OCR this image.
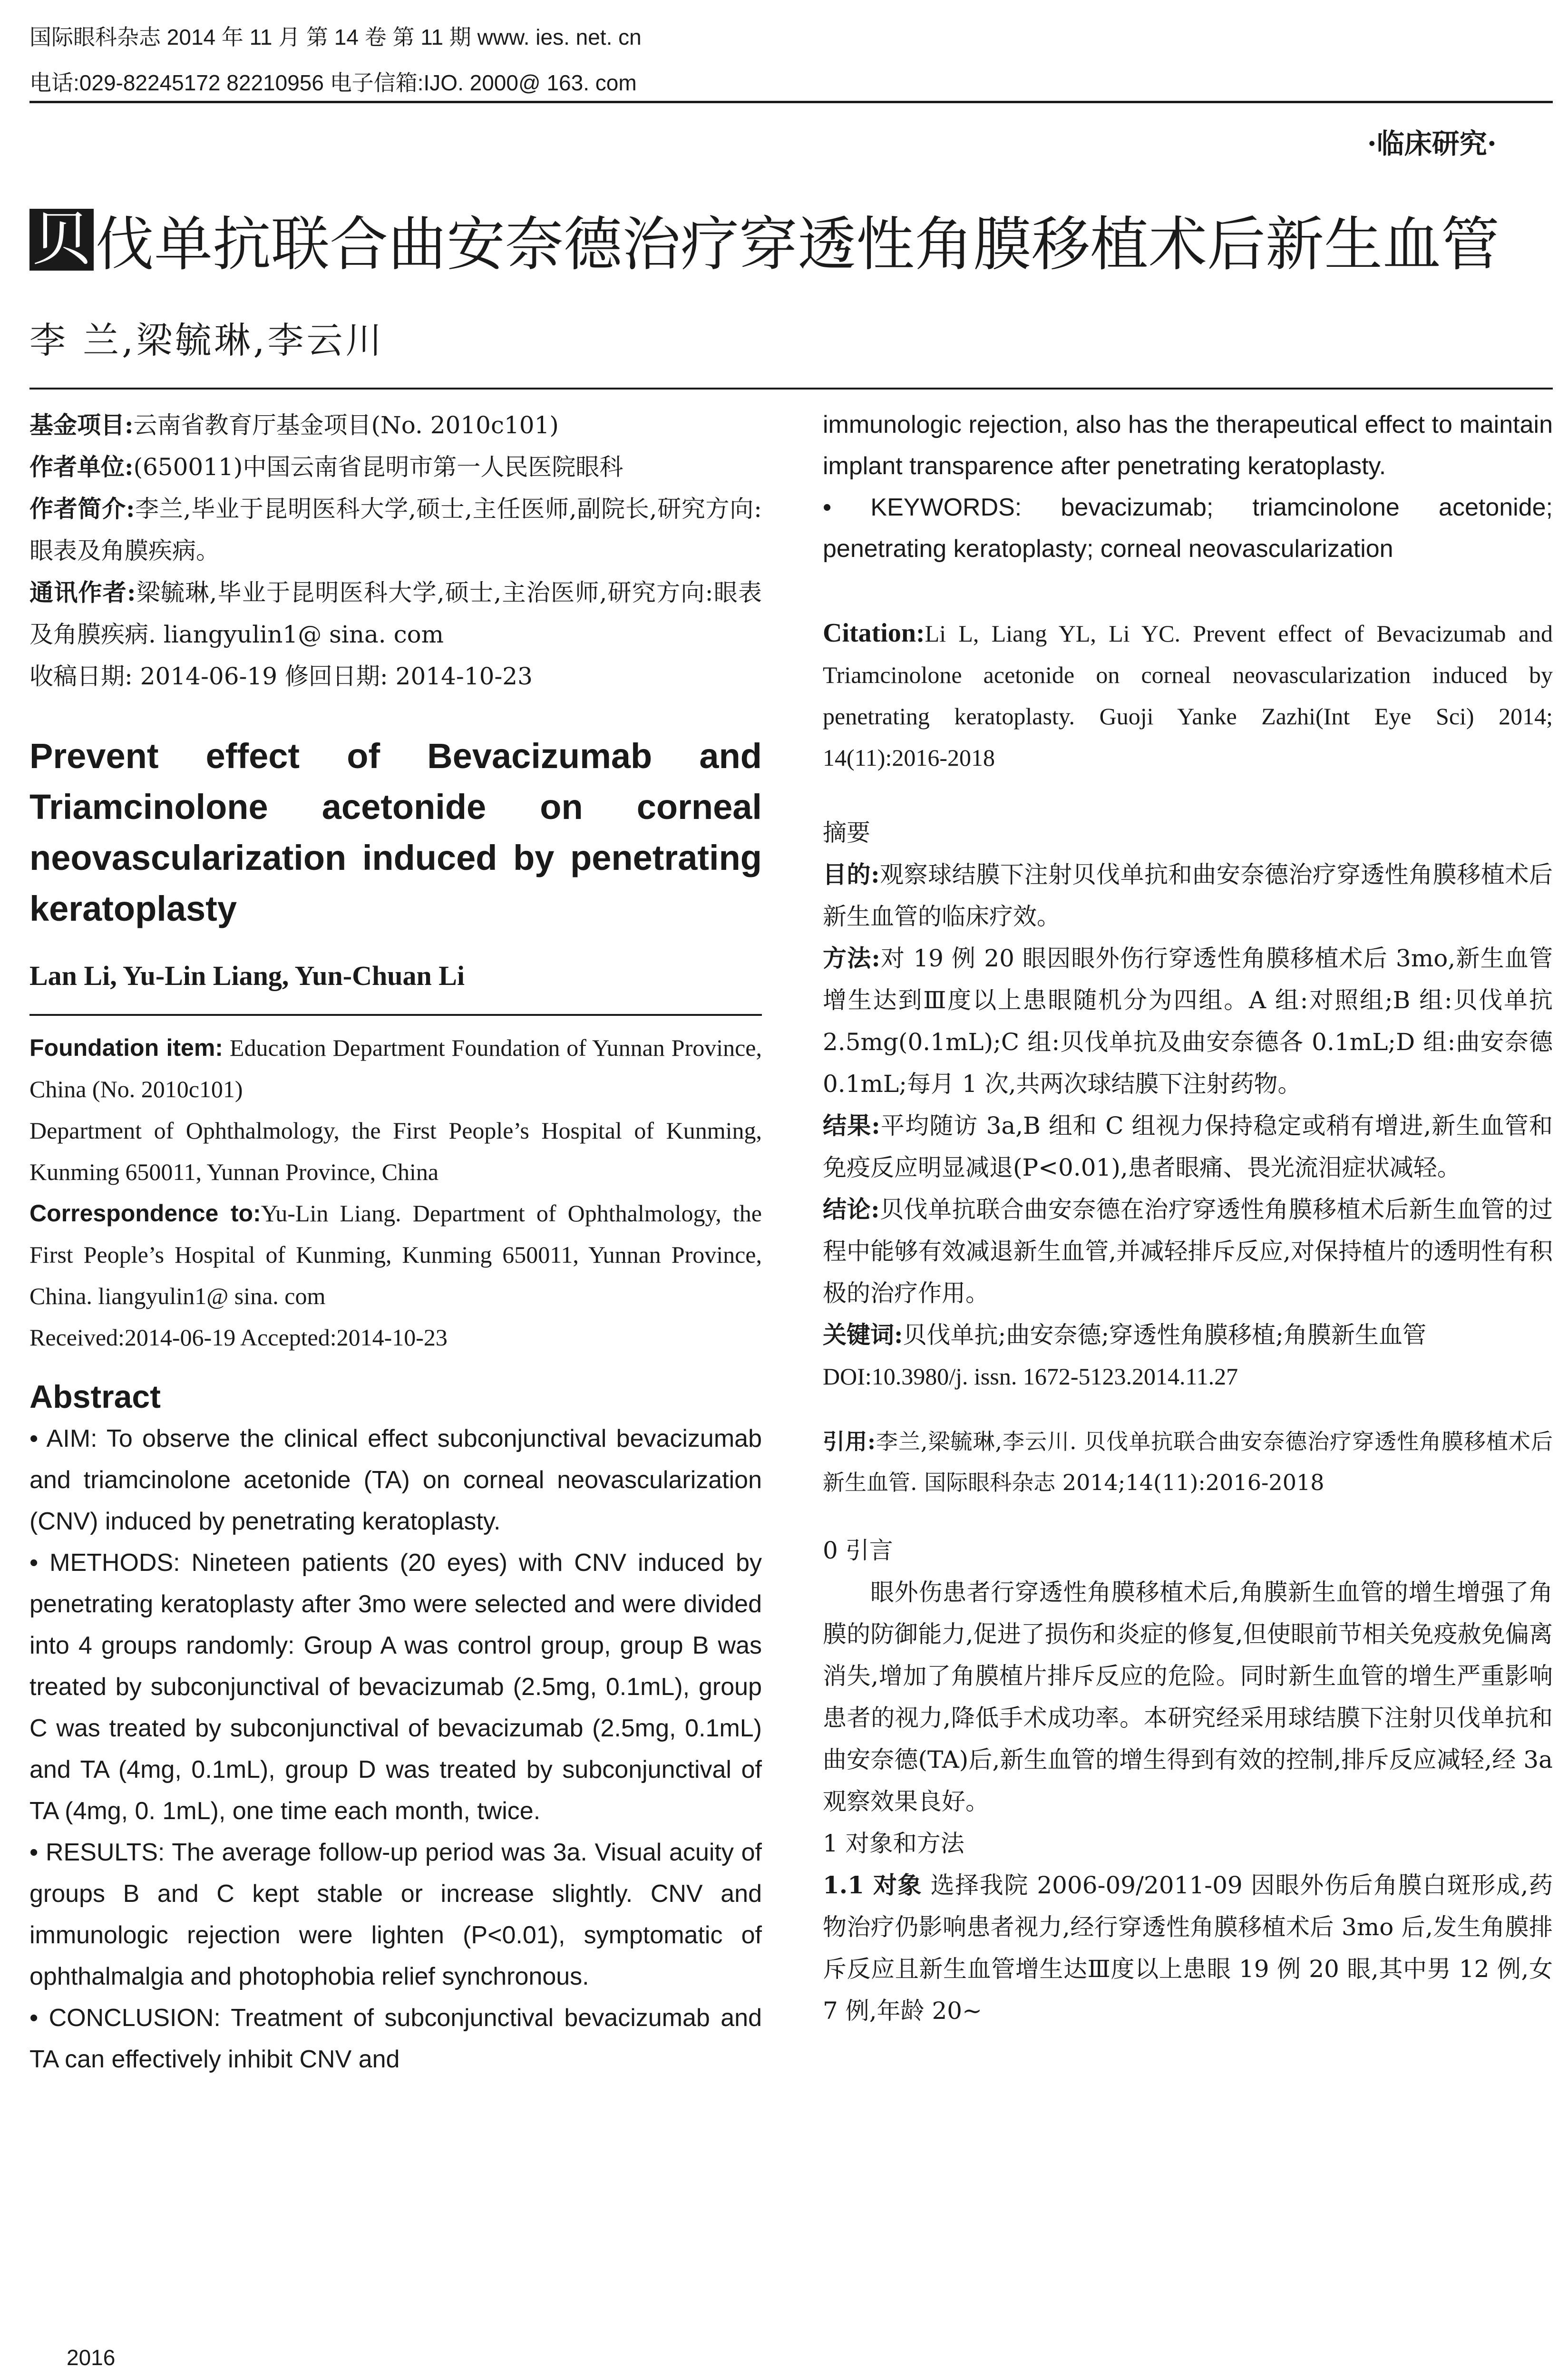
国际眼科杂志 2014 年 11 月 第 14 卷 第 11 期 www. ies. net. cn
电话:029-82245172 82210956 电子信箱:IJO. 2000@ 163. com
·临床研究·
贝 伐单抗联合曲安奈德治疗穿透性角膜移植术后新生血管
李 兰,梁毓琳,李云川

基金项目:云南省教育厅基金项目(No. 2010c101)

作者单位:(650011)中国云南省昆明市第一人民医院眼科

作者简介:李兰,毕业于昆明医科大学,硕士,主任医师,副院长,研究方向:眼表及角膜疾病。

通讯作者:梁毓琳,毕业于昆明医科大学,硕士,主治医师,研究方向:眼表及角膜疾病. liangyulin1@ sina. com

收稿日期: 2014-06-19 修回日期: 2014-10-23

Prevent effect of Bevacizumab and Triamcinolone acetonide on corneal neovascularization induced by penetrating keratoplasty

Lan Li, Yu-Lin Liang, Yun-Chuan Li

Foundation item: Education Department Foundation of Yunnan Province, China (No. 2010c101)

Department of Ophthalmology, the First People’s Hospital of Kunming, Kunming 650011, Yunnan Province, China

Correspondence to:Yu-Lin Liang. Department of Ophthalmology, the First People’s Hospital of Kunming, Kunming 650011, Yunnan Province, China. liangyulin1@ sina. com

Received:2014-06-19 Accepted:2014-10-23

Abstract

• AIM: To observe the clinical effect subconjunctival bevacizumab and triamcinolone acetonide (TA) on corneal neovascularization (CNV) induced by penetrating keratoplasty.

• METHODS: Nineteen patients (20 eyes) with CNV induced by penetrating keratoplasty after 3mo were selected and were divided into 4 groups randomly: Group A was control group, group B was treated by subconjunctival of bevacizumab (2.5mg, 0.1mL), group C was treated by subconjunctival of bevacizumab (2.5mg, 0.1mL) and TA (4mg, 0.1mL), group D was treated by subconjunctival of TA (4mg, 0. 1mL), one time each month, twice.

• RESULTS: The average follow-up period was 3a. Visual acuity of groups B and C kept stable or increase slightly. CNV and immunologic rejection were lighten (P<0.01), symptomatic of ophthalmalgia and photophobia relief synchronous.

• CONCLUSION: Treatment of subconjunctival bevacizumab and TA can effectively inhibit CNV and

immunologic rejection, also has the therapeutical effect to maintain implant transparence after penetrating keratoplasty.

• KEYWORDS: bevacizumab; triamcinolone acetonide; penetrating keratoplasty; corneal neovascularization

Citation:Li L, Liang YL, Li YC. Prevent effect of Bevacizumab and Triamcinolone acetonide on corneal neovascularization induced by penetrating keratoplasty. Guoji Yanke Zazhi(Int Eye Sci) 2014; 14(11):2016-2018

摘要

目的:观察球结膜下注射贝伐单抗和曲安奈德治疗穿透性角膜移植术后新生血管的临床疗效。

方法:对 19 例 20 眼因眼外伤行穿透性角膜移植术后 3mo,新生血管增生达到Ⅲ度以上患眼随机分为四组。A 组:对照组;B 组:贝伐单抗 2.5mg(0.1mL);C 组:贝伐单抗及曲安奈德各 0.1mL;D 组:曲安奈德 0.1mL;每月 1 次,共两次球结膜下注射药物。

结果:平均随访 3a,B 组和 C 组视力保持稳定或稍有增进,新生血管和免疫反应明显减退(P<0.01),患者眼痛、畏光流泪症状减轻。

结论:贝伐单抗联合曲安奈德在治疗穿透性角膜移植术后新生血管的过程中能够有效减退新生血管,并减轻排斥反应,对保持植片的透明性有积极的治疗作用。

关键词:贝伐单抗;曲安奈德;穿透性角膜移植;角膜新生血管

DOI:10.3980/j. issn. 1672-5123.2014.11.27

引用:李兰,梁毓琳,李云川. 贝伐单抗联合曲安奈德治疗穿透性角膜移植术后新生血管. 国际眼科杂志 2014;14(11):2016-2018

0 引言

眼外伤患者行穿透性角膜移植术后,角膜新生血管的增生增强了角膜的防御能力,促进了损伤和炎症的修复,但使眼前节相关免疫赦免偏离消失,增加了角膜植片排斥反应的危险。同时新生血管的增生严重影响患者的视力,降低手术成功率。本研究经采用球结膜下注射贝伐单抗和曲安奈德(TA)后,新生血管的增生得到有效的控制,排斥反应减轻,经 3a 观察效果良好。

1 对象和方法

1.1 对象 选择我院 2006-09/2011-09 因眼外伤后角膜白斑形成,药物治疗仍影响患者视力,经行穿透性角膜移植术后 3mo 后,发生角膜排斥反应且新生血管增生达Ⅲ度以上患眼 19 例 20 眼,其中男 12 例,女 7 例,年龄 20~

2016
